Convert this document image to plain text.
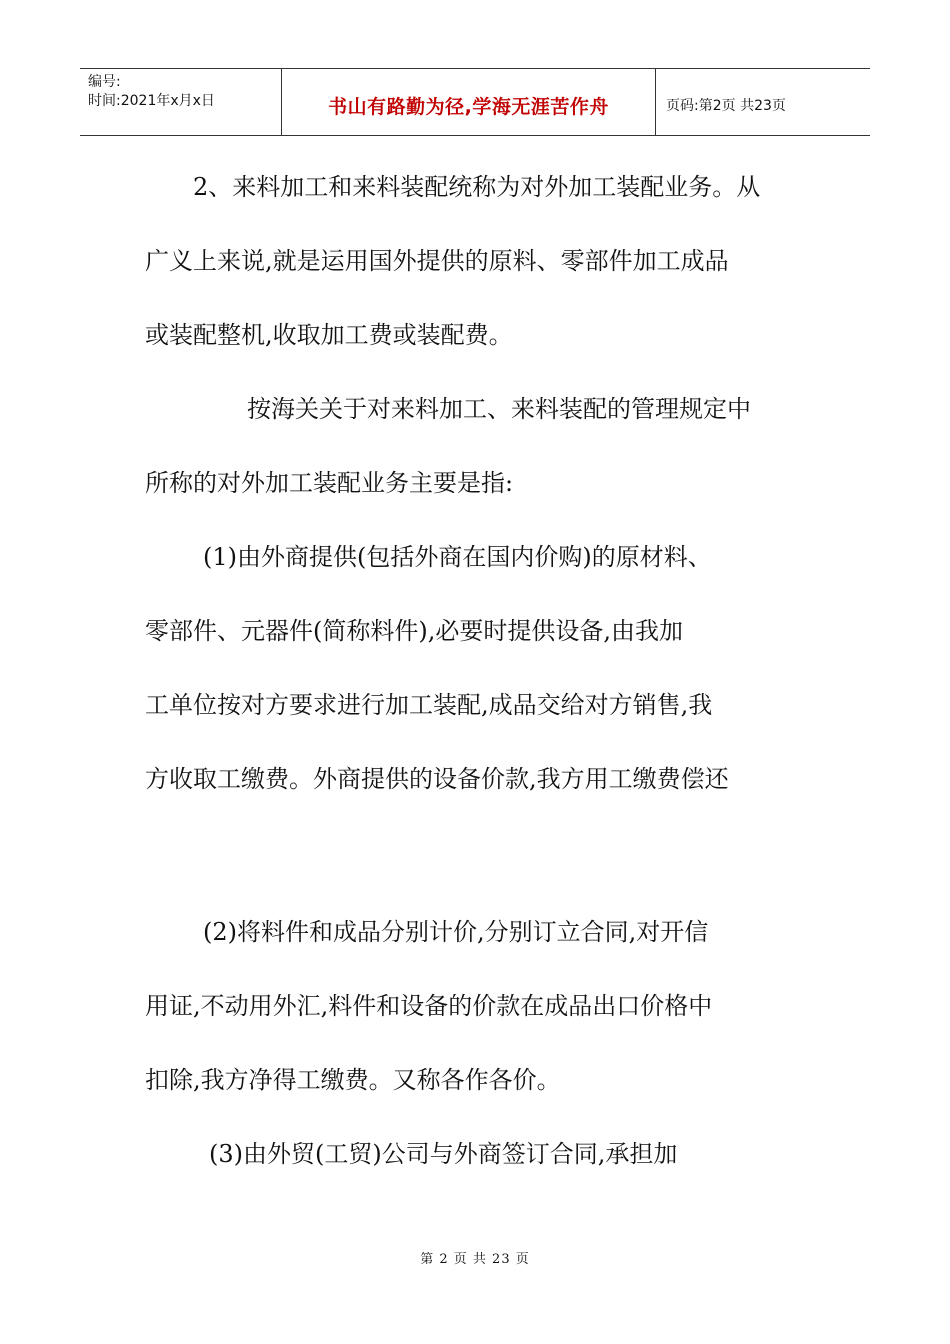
编号:
时间:2021年x月x日	书山有路勤为径,学海无涯苦作舟	页码:第2页 共23页
2、来料加工和来料装配统称为对外加工装配业务。从
广义上来说,就是运用国外提供的原料、零部件加工成品
或装配整机,收取加工费或装配费。
按海关关于对来料加工、来料装配的管理规定中
所称的对外加工装配业务主要是指:
(1)由外商提供(包括外商在国内价购)的原材料、
零部件、元器件(简称料件),必要时提供设备,由我加
工单位按对方要求进行加工装配,成品交给对方销售,我
方收取工缴费。外商提供的设备价款,我方用工缴费偿还
(2)将料件和成品分别计价,分别订立合同,对开信
用证,不动用外汇,料件和设备的价款在成品出口价格中
扣除,我方净得工缴费。又称各作各价。
(3)由外贸(工贸)公司与外商签订合同,承担加
第 2 页 共 23 页
